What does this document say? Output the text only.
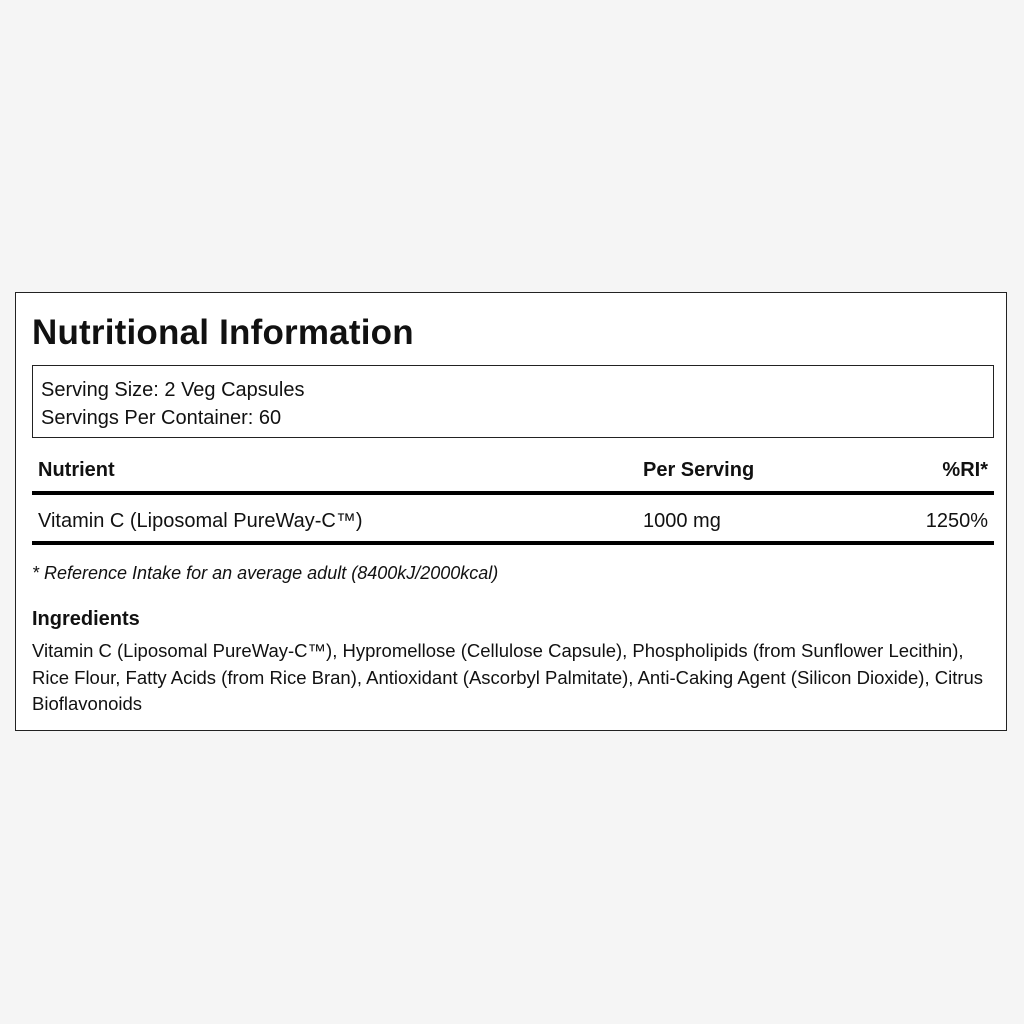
Nutritional Information
Serving Size: 2 Veg Capsules
Servings Per Container: 60
Nutrient	Per Serving	%RI*
Vitamin C (Liposomal PureWay-C™)	1000 mg	1250%

* Reference Intake for an average adult (8400kJ/2000kcal)

Ingredients

Vitamin C (Liposomal PureWay-C™), Hypromellose (Cellulose Capsule), Phospholipids (from Sunflower Lecithin), Rice Flour, Fatty Acids (from Rice Bran), Antioxidant (Ascorbyl Palmitate), Anti-Caking Agent (Silicon Dioxide), Citrus Bioflavonoids
